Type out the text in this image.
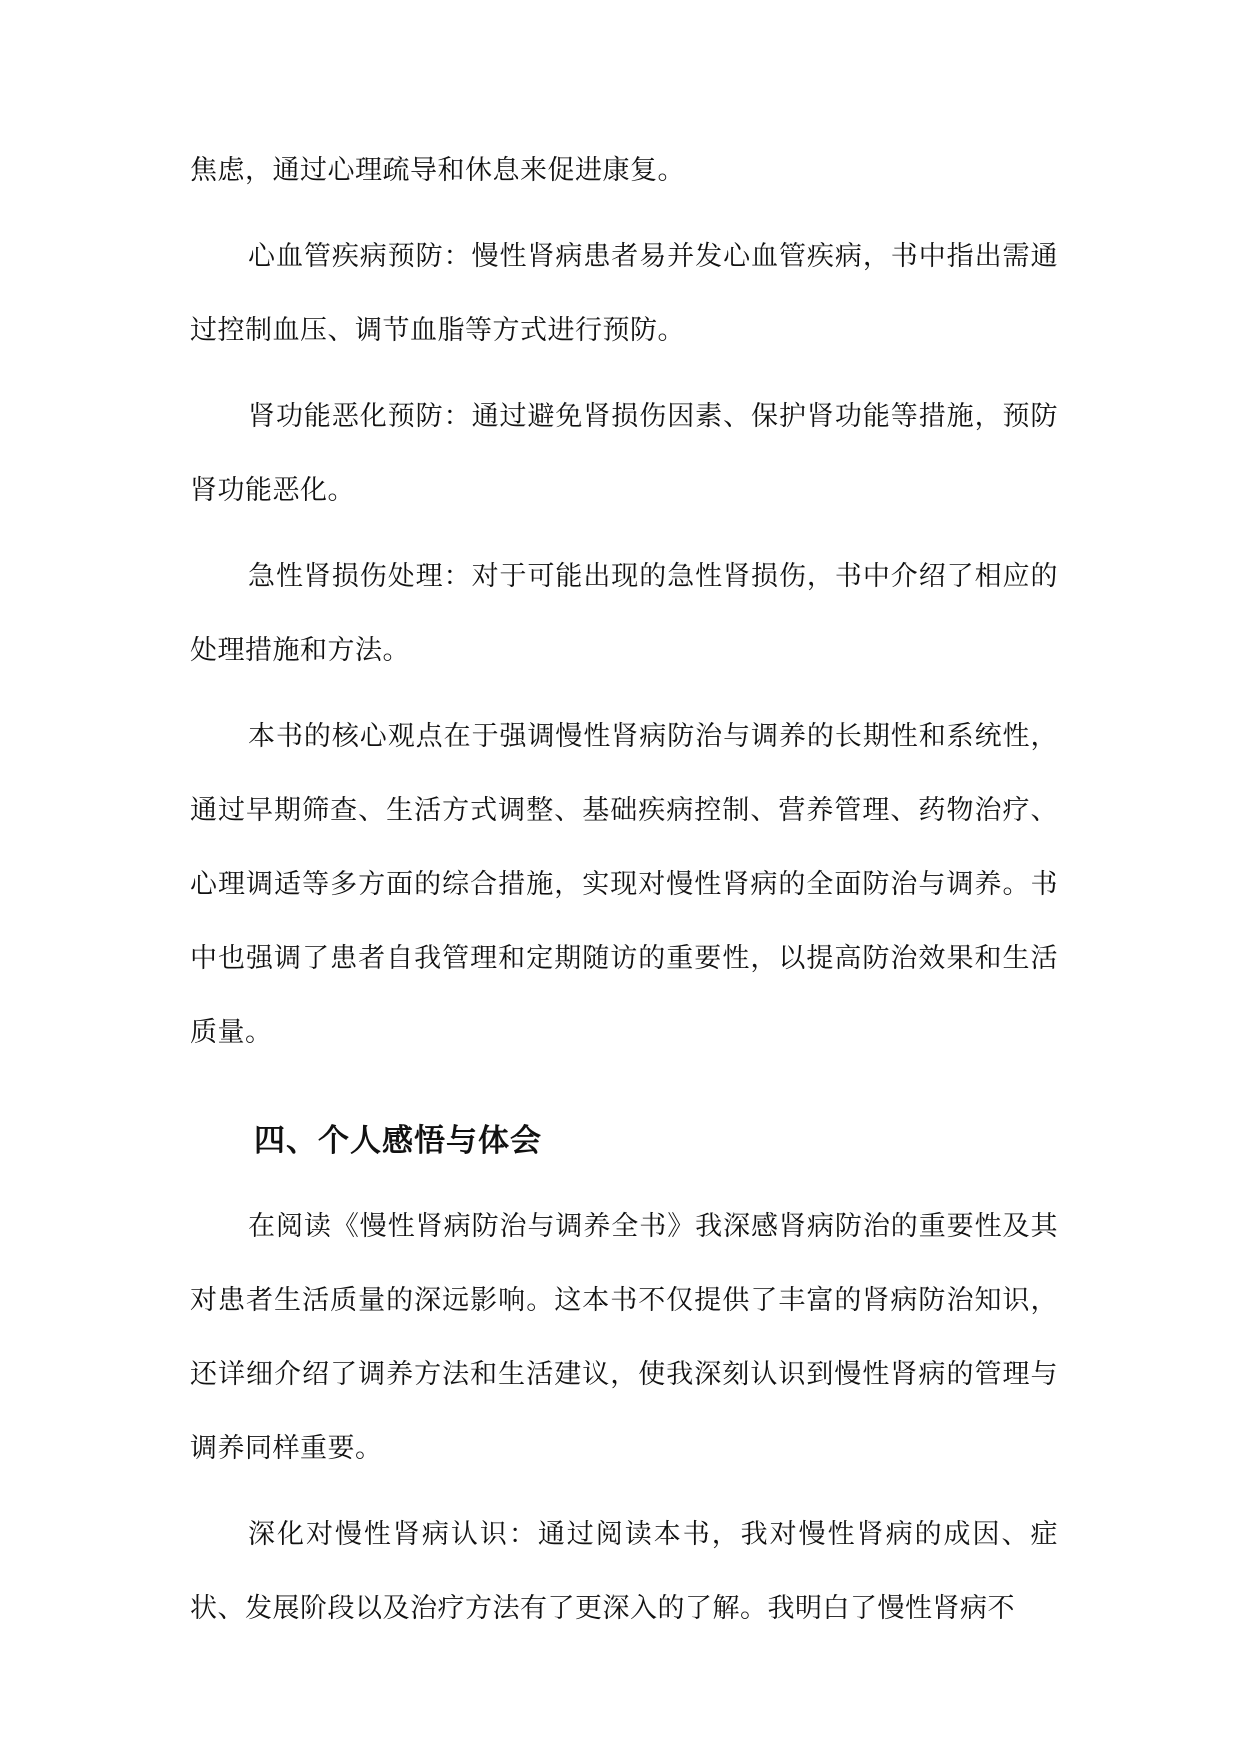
焦虑，通过心理疏导和休息来促进康复。

心血管疾病预防：慢性肾病患者易并发心血管疾病，书中指出需通过控制血压、调节血脂等方式进行预防。

肾功能恶化预防：通过避免肾损伤因素、保护肾功能等措施，预防肾功能恶化。

急性肾损伤处理：对于可能出现的急性肾损伤，书中介绍了相应的处理措施和方法。

本书的核心观点在于强调慢性肾病防治与调养的长期性和系统性，通过早期筛查、生活方式调整、基础疾病控制、营养管理、药物治疗、心理调适等多方面的综合措施，实现对慢性肾病的全面防治与调养。书中也强调了患者自我管理和定期随访的重要性，以提高防治效果和生活质量。

四、个人感悟与体会

在阅读《慢性肾病防治与调养全书》我深感肾病防治的重要性及其对患者生活质量的深远影响。这本书不仅提供了丰富的肾病防治知识，还详细介绍了调养方法和生活建议，使我深刻认识到慢性肾病的管理与调养同样重要。

深化对慢性肾病认识：通过阅读本书，我对慢性肾病的成因、症状、发展阶段以及治疗方法有了更深入的了解。我明白了慢性肾病不
